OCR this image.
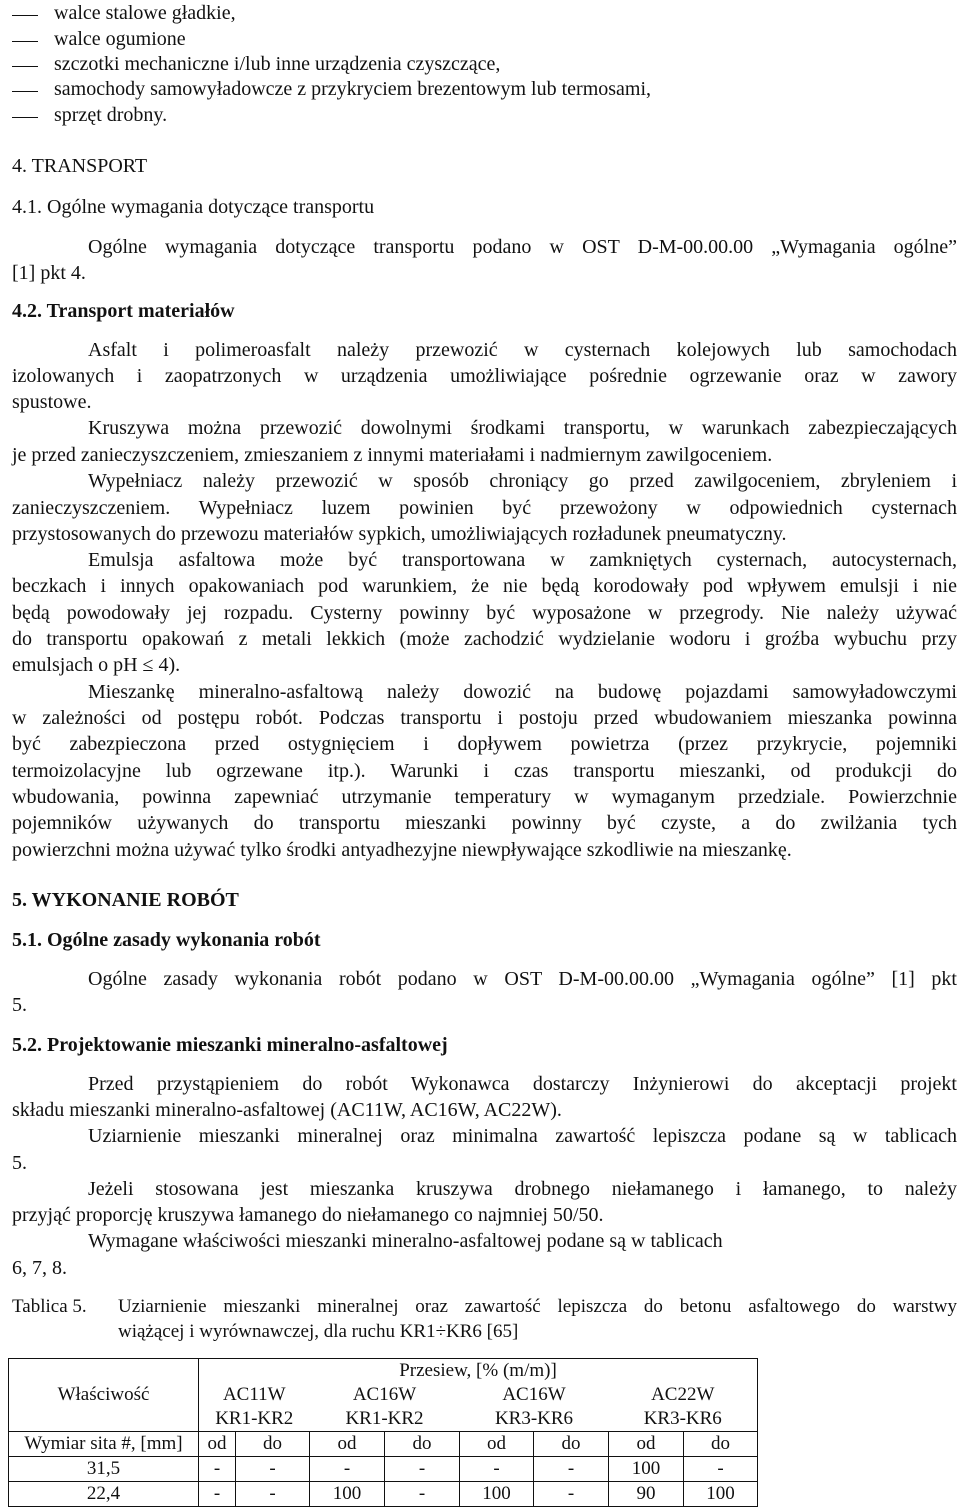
walce stalowe gładkie,
walce ogumione
szczotki mechaniczne i/lub inne urządzenia czyszczące,
samochody samowyładowcze z przykryciem brezentowym lub termosami,
sprzęt drobny.
4. TRANSPORT
4.1. Ogólne wymagania dotyczące transportu
Ogólne wymagania dotyczące transportu podano w OST D-M-00.00.00 „Wymagania ogólne”
[1] pkt 4.
4.2. Transport materiałów
Asfalt i polimeroasfalt należy przewozić w cysternach kolejowych lub samochodach
izolowanych i zaopatrzonych w urządzenia umożliwiające pośrednie ogrzewanie oraz w zawory
spustowe.
Kruszywa można przewozić dowolnymi środkami transportu, w warunkach zabezpieczających
je przed zanieczyszczeniem, zmieszaniem z innymi materiałami i nadmiernym zawilgoceniem.
Wypełniacz należy przewozić w sposób chroniący go przed zawilgoceniem, zbryleniem i
zanieczyszczeniem. Wypełniacz luzem powinien być przewożony w odpowiednich cysternach
przystosowanych do przewozu materiałów sypkich, umożliwiających rozładunek pneumatyczny.
Emulsja asfaltowa może być transportowana w zamkniętych cysternach, autocysternach,
beczkach i innych opakowaniach pod warunkiem, że nie będą korodowały pod wpływem emulsji i nie
będą powodowały jej rozpadu. Cysterny powinny być wyposażone w przegrody. Nie należy używać
do transportu opakowań z metali lekkich (może zachodzić wydzielanie wodoru i groźba wybuchu przy
emulsjach o pH ≤ 4).
Mieszankę mineralno-asfaltową należy dowozić na budowę pojazdami samowyładowczymi
w zależności od postępu robót. Podczas transportu i postoju przed wbudowaniem mieszanka powinna
być zabezpieczona przed ostygnięciem i dopływem powietrza (przez przykrycie, pojemniki
termoizolacyjne lub ogrzewane itp.). Warunki i czas transportu mieszanki, od produkcji do
wbudowania, powinna zapewniać utrzymanie temperatury w wymaganym przedziale. Powierzchnie
pojemników używanych do transportu mieszanki powinny być czyste, a do zwilżania tych
powierzchni można używać tylko środki antyadhezyjne niewpływające szkodliwie na mieszankę.
5. WYKONANIE ROBÓT
5.1. Ogólne zasady wykonania robót
Ogólne zasady wykonania robót podano w OST D-M-00.00.00 „Wymagania ogólne” [1] pkt
5.
5.2. Projektowanie mieszanki mineralno-asfaltowej
Przed przystąpieniem do robót Wykonawca dostarczy Inżynierowi do akceptacji projekt
składu mieszanki mineralno-asfaltowej (AC11W, AC16W, AC22W).
Uziarnienie mieszanki mineralnej oraz minimalna zawartość lepiszcza podane są w tablicach
5.
Jeżeli stosowana jest mieszanka kruszywa drobnego niełamanego i łamanego, to należy
przyjąć proporcję kruszywa łamanego do niełamanego co najmniej 50/50.
Wymagane właściwości mieszanki mineralno-asfaltowej podane są w tablicach
6, 7, 8.
Tablica 5. Uziarnienie mieszanki mineralnej oraz zawartość lepiszcza do betonu asfaltowego do warstwy
wiążącej i wyrównawczej, dla ruchu KR1÷KR6 [65]
Właściwość	Przesiew, [% (m/m)]							
	AC11W		AC16W		AC16W		AC22W	
	KR1-KR2		KR1-KR2		KR3-KR6		KR3-KR6	
Wymiar sita #, [mm]	od	do	od	do	od	do	od	do
31,5	-	-	-	-	-	-	100	-
22,4	-	-	100	-	100	-	90	100
